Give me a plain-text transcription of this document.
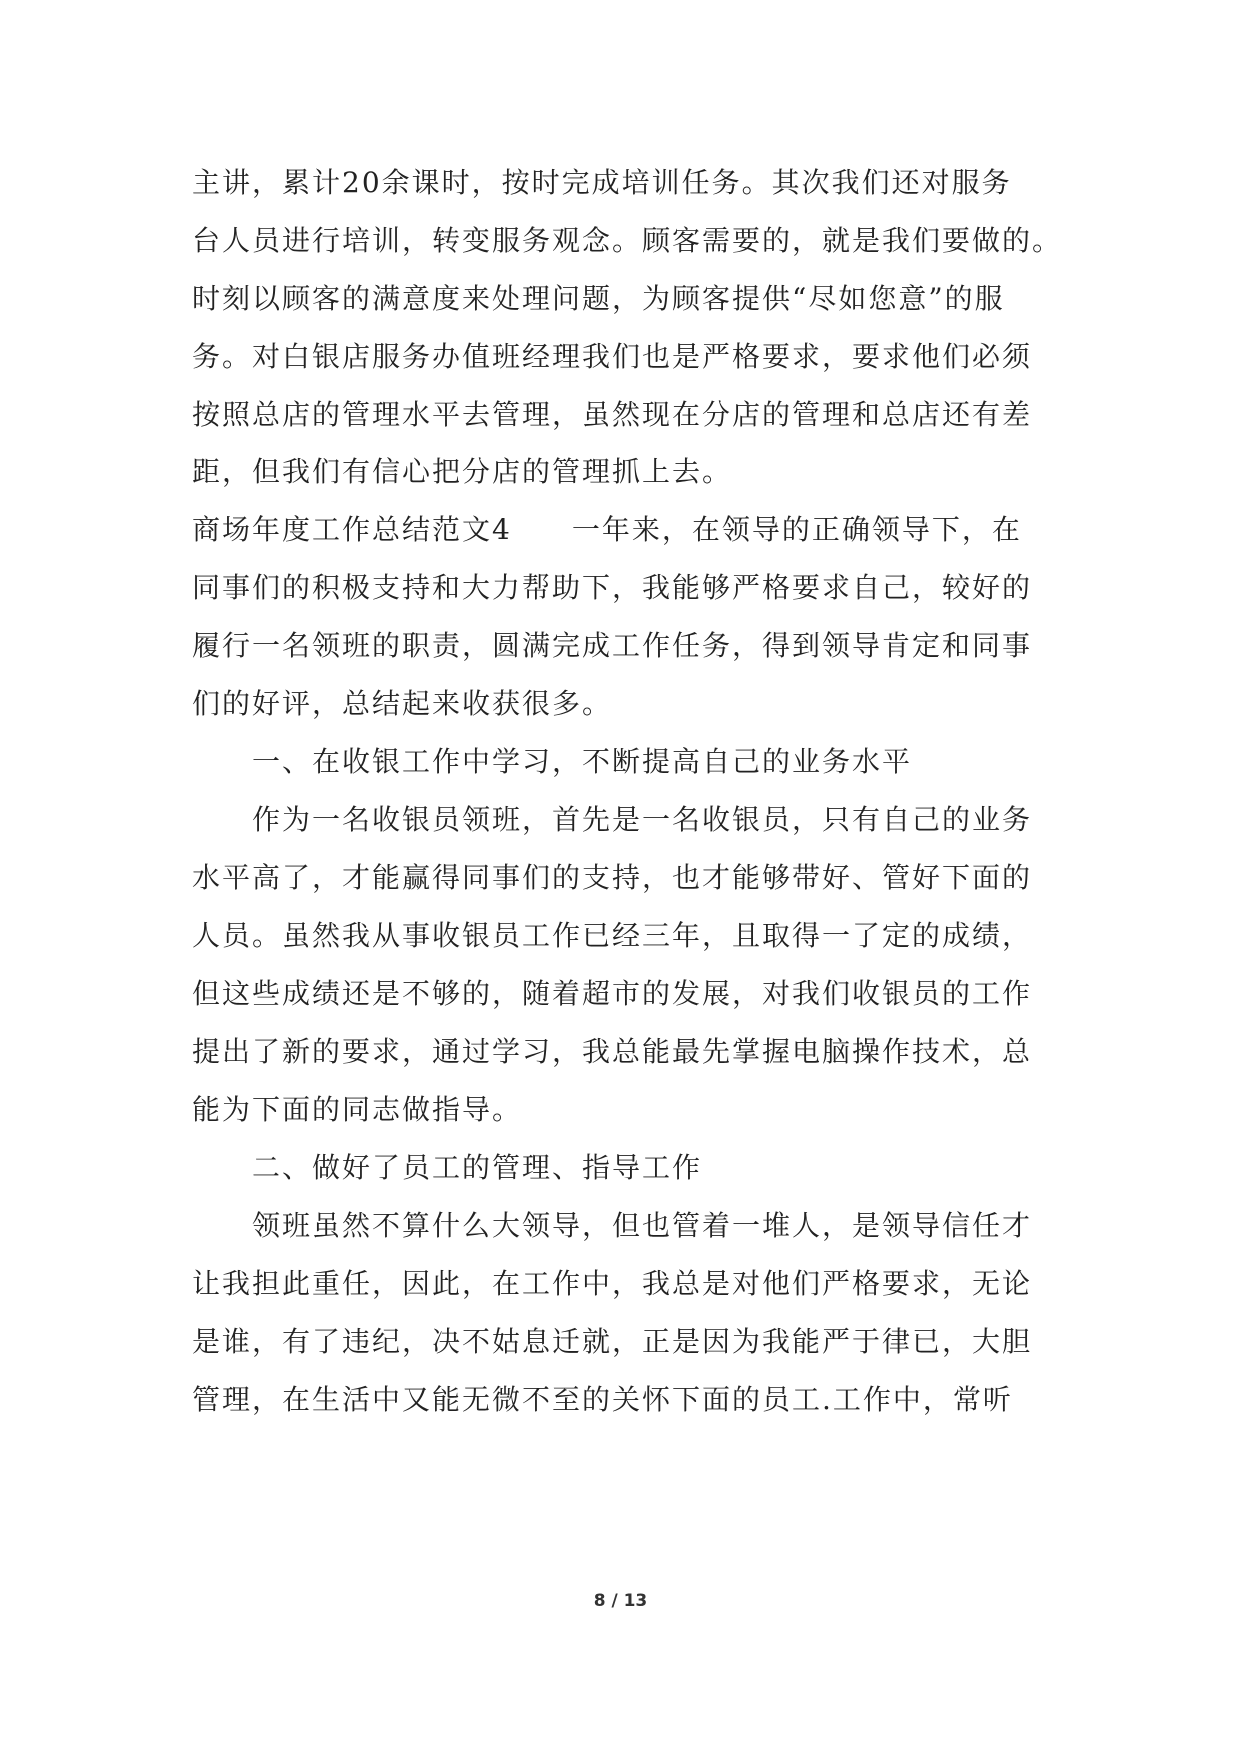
主讲，累计20余课时，按时完成培训任务。其次我们还对服务
台人员进行培训，转变服务观念。顾客需要的，就是我们要做的。
时刻以顾客的满意度来处理问题，为顾客提供“尽如您意”的服
务。对白银店服务办值班经理我们也是严格要求，要求他们必须
按照总店的管理水平去管理，虽然现在分店的管理和总店还有差
距，但我们有信心把分店的管理抓上去。
商场年度工作总结范文4　　一年来，在领导的正确领导下，在
同事们的积极支持和大力帮助下，我能够严格要求自己，较好的
履行一名领班的职责，圆满完成工作任务，得到领导肯定和同事
们的好评，总结起来收获很多。
一、在收银工作中学习，不断提高自己的业务水平
作为一名收银员领班，首先是一名收银员，只有自己的业务
水平高了，才能赢得同事们的支持，也才能够带好、管好下面的
人员。虽然我从事收银员工作已经三年，且取得一了定的成绩，
但这些成绩还是不够的，随着超市的发展，对我们收银员的工作
提出了新的要求，通过学习，我总能最先掌握电脑操作技术，总
能为下面的同志做指导。
二、做好了员工的管理、指导工作
领班虽然不算什么大领导，但也管着一堆人，是领导信任才
让我担此重任，因此，在工作中，我总是对他们严格要求，无论
是谁，有了违纪，决不姑息迁就，正是因为我能严于律已，大胆
管理，在生活中又能无微不至的关怀下面的员工.工作中，常听
8 / 13
